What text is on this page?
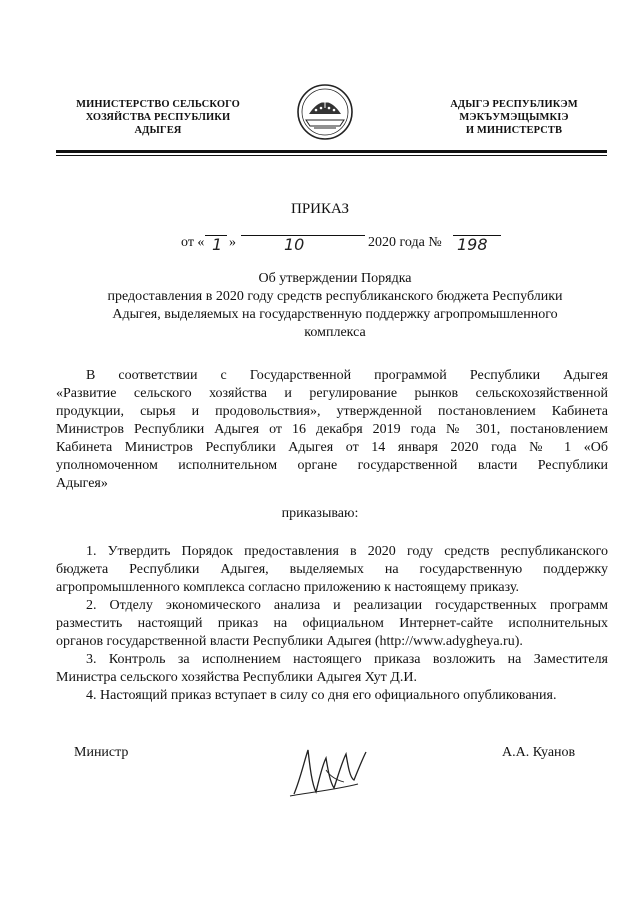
МИНИСТЕРСТВО СЕЛЬСКОГО
ХОЗЯЙСТВА РЕСПУБЛИКИ
АДЫГЕЯ
АДЫГЭ РЕСПУБЛИКЭМ
МЭКЪУМЭЩЫМКIЭ
И МИНИСТЕРСТВ
ПРИКАЗ
от « 1 »	10	2020 года № 198
Об утверждении Порядка
предоставления в 2020 году средств республиканского бюджета Республики
Адыгея, выделяемых на государственную поддержку агропромышленного
комплекса
В соответствии с Государственной программой Республики Адыгея
«Развитие сельского хозяйства и регулирование рынков сельскохозяйственной
продукции, сырья и продовольствия», утвержденной постановлением Кабинета
Министров Республики Адыгея от 16 декабря 2019 года № 301, постановлением
Кабинета Министров Республики Адыгея от 14 января 2020 года № 1 «Об
уполномоченном исполнительном органе государственной власти Республики
Адыгея»
приказываю:
1. Утвердить Порядок предоставления в 2020 году средств республиканского
бюджета Республики Адыгея, выделяемых на государственную поддержку
агропромышленного комплекса согласно приложению к настоящему приказу.
2. Отделу экономического анализа и реализации государственных программ
разместить настоящий приказ на официальном Интернет-сайте исполнительных
органов государственной власти Республики Адыгея (http://www.adygheya.ru).
3. Контроль за исполнением настоящего приказа возложить на Заместителя
Министра сельского хозяйства Республики Адыгея Хут Д.И.
4. Настоящий приказ вступает в силу со дня его официального опубликования.
Министр	А.А. Куанов
